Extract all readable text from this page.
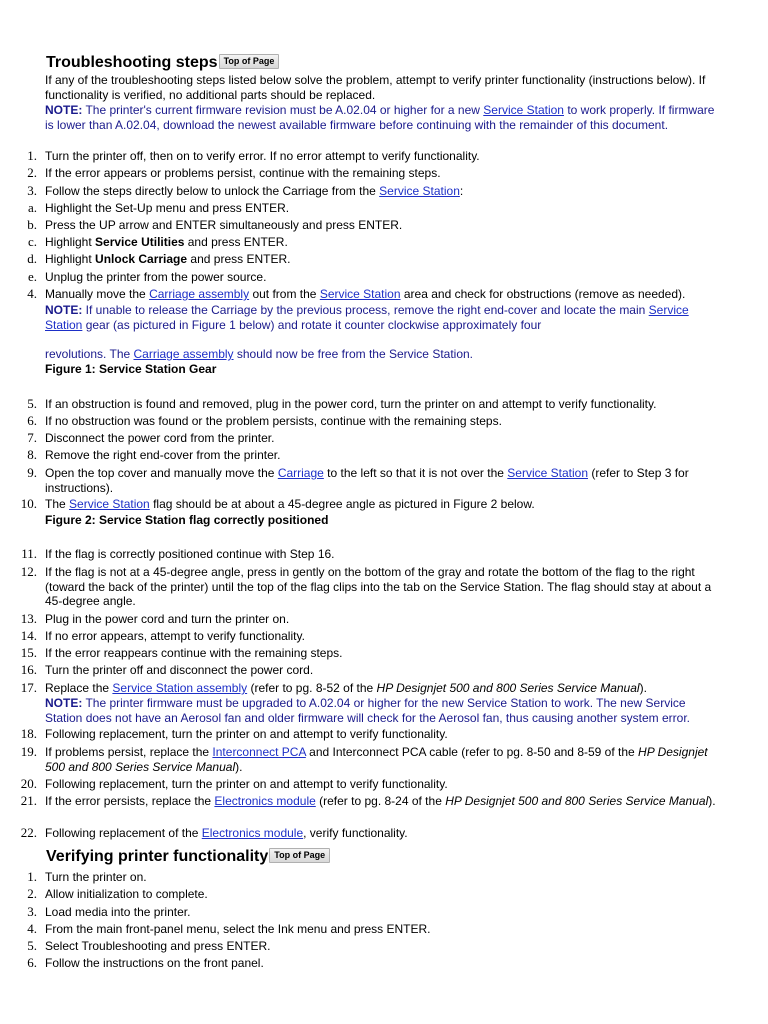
Troubleshooting steps Top of Page
If any of the troubleshooting steps listed below solve the problem, attempt to verify printer functionality (instructions below). If functionality is verified, no additional parts should be replaced.
NOTE: The printer's current firmware revision must be A.02.04 or higher for a new Service Station to work properly. If firmware is lower than A.02.04, download the newest available firmware before continuing with the remainder of this document.
1. Turn the printer off, then on to verify error. If no error attempt to verify functionality.
2. If the error appears or problems persist, continue with the remaining steps.
3. Follow the steps directly below to unlock the Carriage from the Service Station:
a. Highlight the Set-Up menu and press ENTER.
b. Press the UP arrow and ENTER simultaneously and press ENTER.
c. Highlight Service Utilities and press ENTER.
d. Highlight Unlock Carriage and press ENTER.
e. Unplug the printer from the power source.
4. Manually move the Carriage assembly out from the Service Station area and check for obstructions (remove as needed).
NOTE: If unable to release the Carriage by the previous process, remove the right end-cover and locate the main Service Station gear (as pictured in Figure 1 below) and rotate it counter clockwise approximately four
revolutions. The Carriage assembly should now be free from the Service Station.
Figure 1: Service Station Gear
5. If an obstruction is found and removed, plug in the power cord, turn the printer on and attempt to verify functionality.
6. If no obstruction was found or the problem persists, continue with the remaining steps.
7. Disconnect the power cord from the printer.
8. Remove the right end-cover from the printer.
9. Open the top cover and manually move the Carriage to the left so that it is not over the Service Station (refer to Step 3 for instructions).
10. The Service Station flag should be at about a 45-degree angle as pictured in Figure 2 below.
Figure 2: Service Station flag correctly positioned
11. If the flag is correctly positioned continue with Step 16.
12. If the flag is not at a 45-degree angle, press in gently on the bottom of the gray and rotate the bottom of the flag to the right (toward the back of the printer) until the top of the flag clips into the tab on the Service Station. The flag should stay at about a 45-degree angle.
13. Plug in the power cord and turn the printer on.
14. If no error appears, attempt to verify functionality.
15. If the error reappears continue with the remaining steps.
16. Turn the printer off and disconnect the power cord.
17. Replace the Service Station assembly (refer to pg. 8-52 of the HP Designjet 500 and 800 Series Service Manual).
NOTE: The printer firmware must be upgraded to A.02.04 or higher for the new Service Station to work. The new Service Station does not have an Aerosol fan and older firmware will check for the Aerosol fan, thus causing another system error.
18. Following replacement, turn the printer on and attempt to verify functionality.
19. If problems persist, replace the Interconnect PCA and Interconnect PCA cable (refer to pg. 8-50 and 8-59 of the HP Designjet 500 and 800 Series Service Manual).
20. Following replacement, turn the printer on and attempt to verify functionality.
21. If the error persists, replace the Electronics module (refer to pg. 8-24 of the HP Designjet 500 and 800 Series Service Manual).
22. Following replacement of the Electronics module, verify functionality.
Verifying printer functionality Top of Page
1. Turn the printer on.
2. Allow initialization to complete.
3. Load media into the printer.
4. From the main front-panel menu, select the Ink menu and press ENTER.
5. Select Troubleshooting and press ENTER.
6. Follow the instructions on the front panel.
